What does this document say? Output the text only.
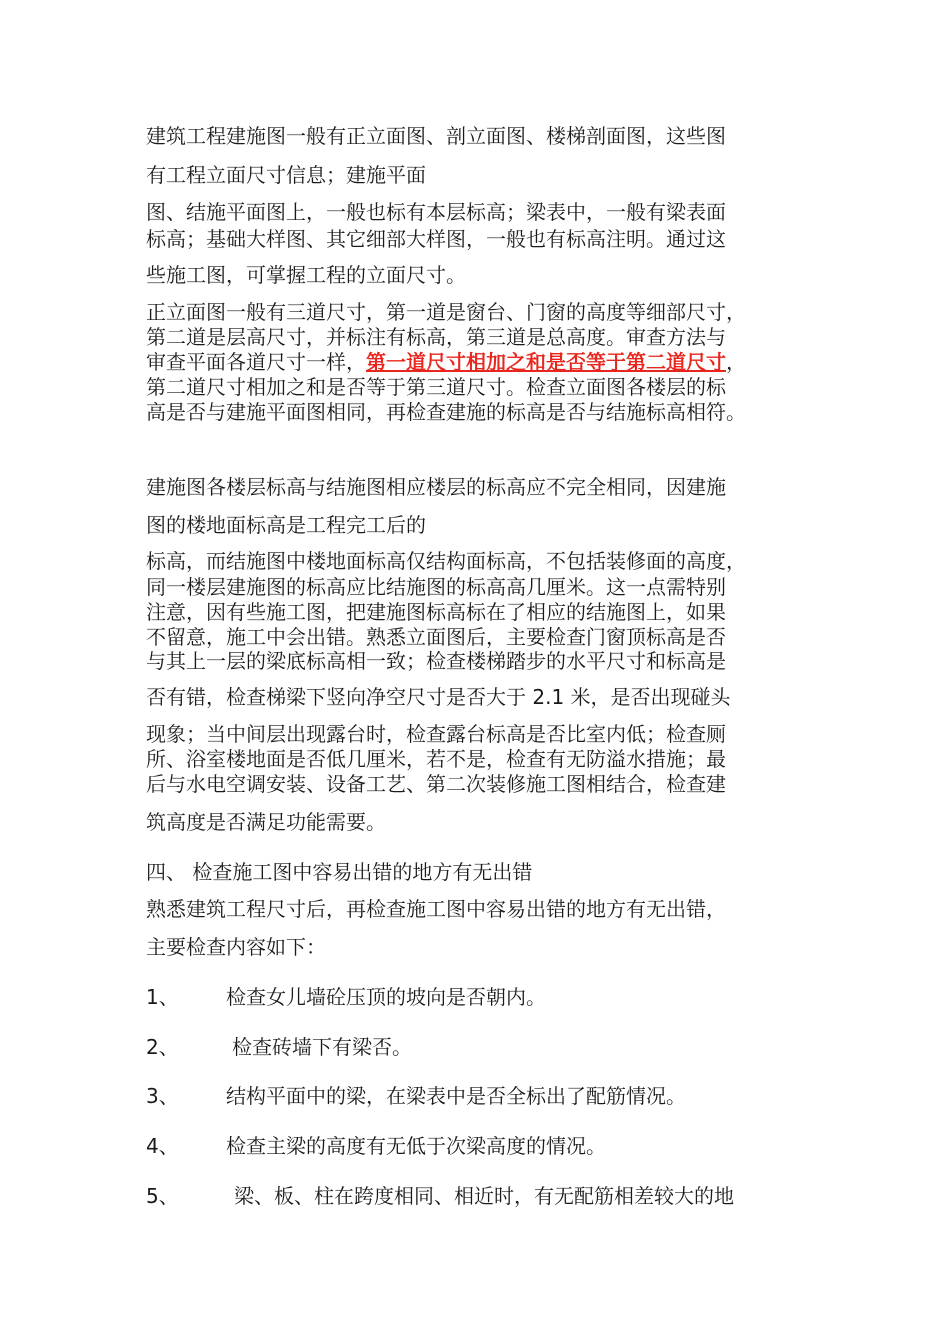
建筑工程建施图一般有正立面图、剖立面图、楼梯剖面图，这些图
有工程立面尺寸信息；建施平面
图、结施平面图上，一般也标有本层标高；梁表中，一般有梁表面
标高；基础大样图、其它细部大样图，一般也有标高注明。通过这
些施工图，可掌握工程的立面尺寸。
正立面图一般有三道尺寸，第一道是窗台、门窗的高度等细部尺寸，
第二道是层高尺寸，并标注有标高，第三道是总高度。审查方法与
审查平面各道尺寸一样，第一道尺寸相加之和是否等于第二道尺寸，
第二道尺寸相加之和是否等于第三道尺寸。检查立面图各楼层的标
高是否与建施平面图相同，再检查建施的标高是否与结施标高相符。
建施图各楼层标高与结施图相应楼层的标高应不完全相同，因建施
图的楼地面标高是工程完工后的
标高，而结施图中楼地面标高仅结构面标高，不包括装修面的高度，
同一楼层建施图的标高应比结施图的标高高几厘米。这一点需特别
注意，因有些施工图，把建施图标高标在了相应的结施图上，如果
不留意，施工中会出错。熟悉立面图后，主要检查门窗顶标高是否
与其上一层的梁底标高相一致；检查楼梯踏步的水平尺寸和标高是
否有错，检查梯梁下竖向净空尺寸是否大于 2.1 米，是否出现碰头
现象；当中间层出现露台时，检查露台标高是否比室内低；检查厕
所、浴室楼地面是否低几厘米，若不是，检查有无防溢水措施；最
后与水电空调安装、设备工艺、第二次装修施工图相结合，检查建
筑高度是否满足功能需要。
四、 检查施工图中容易出错的地方有无出错
熟悉建筑工程尺寸后，再检查施工图中容易出错的地方有无出错，
主要检查内容如下：
1、 检查女儿墙砼压顶的坡向是否朝内。
2、	检查砖墙下有梁否。
3、 结构平面中的梁，在梁表中是否全标出了配筋情况。
4、 检查主梁的高度有无低于次梁高度的情况。
5、	梁、板、柱在跨度相同、相近时，有无配筋相差较大的地
